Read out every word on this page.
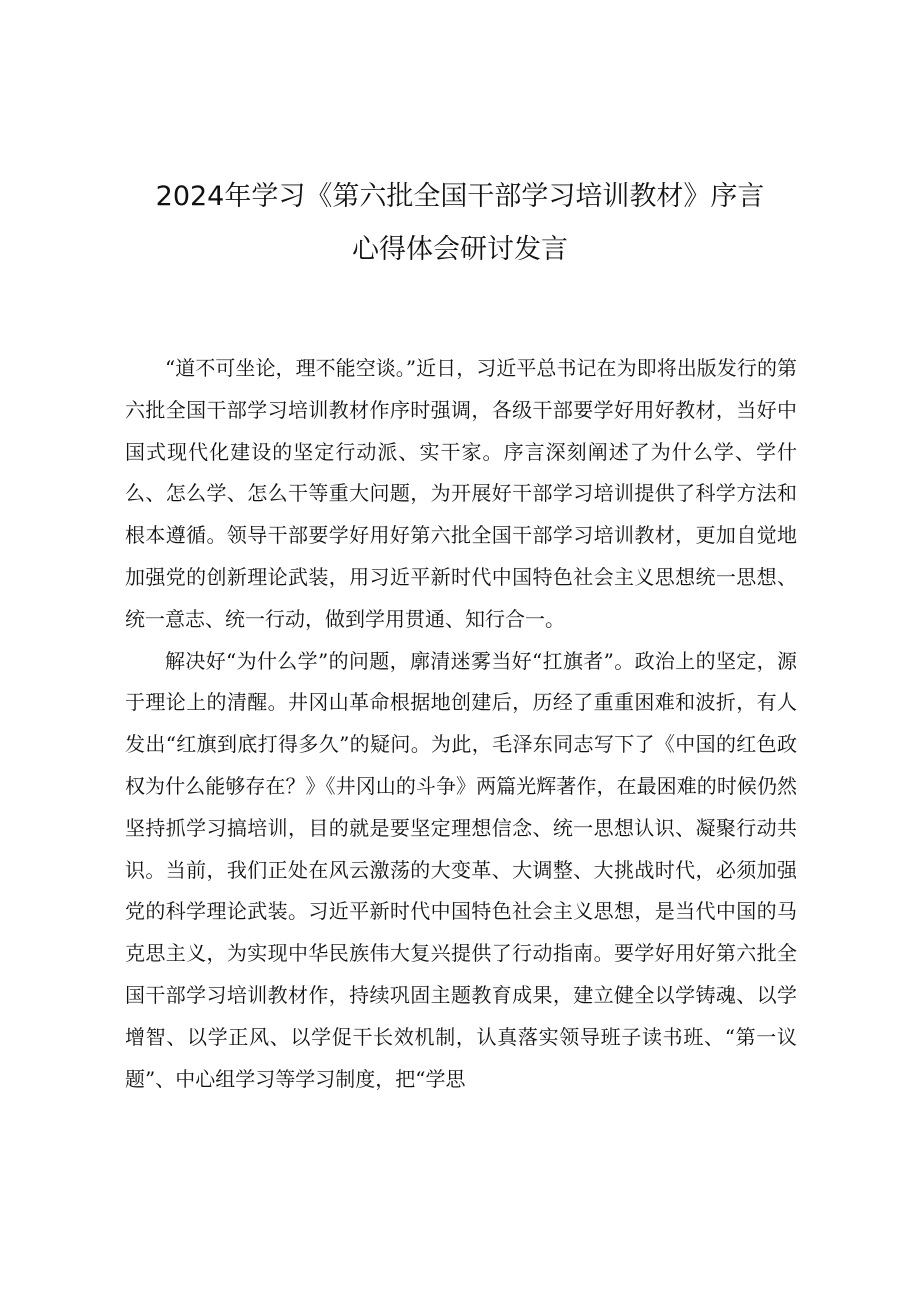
2024年学习《第六批全国干部学习培训教材》序言
心得体会研讨发言

“道不可坐论，理不能空谈。”近日，习近平总书记在为即将出版发行的第六批全国干部学习培训教材作序时强调，各级干部要学好用好教材，当好中国式现代化建设的坚定行动派、实干家。序言深刻阐述了为什么学、学什么、怎么学、怎么干等重大问题，为开展好干部学习培训提供了科学方法和根本遵循。领导干部要学好用好第六批全国干部学习培训教材，更加自觉地加强党的创新理论武装，用习近平新时代中国特色社会主义思想统一思想、统一意志、统一行动，做到学用贯通、知行合一。

解决好“为什么学”的问题，廓清迷雾当好“扛旗者”。政治上的坚定，源于理论上的清醒。井冈山革命根据地创建后，历经了重重困难和波折，有人发出“红旗到底打得多久”的疑问。为此，毛泽东同志写下了《中国的红色政权为什么能够存在？》《井冈山的斗争》两篇光辉著作，在最困难的时候仍然坚持抓学习搞培训，目的就是要坚定理想信念、统一思想认识、凝聚行动共识。当前，我们正处在风云激荡的大变革、大调整、大挑战时代，必须加强党的科学理论武装。习近平新时代中国特色社会主义思想，是当代中国的马克思主义，为实现中华民族伟大复兴提供了行动指南。要学好用好第六批全国干部学习培训教材作，持续巩固主题教育成果，建立健全以学铸魂、以学增智、以学正风、以学促干长效机制，认真落实领导班子读书班、“第一议题”、中心组学习等学习制度，把“学思
